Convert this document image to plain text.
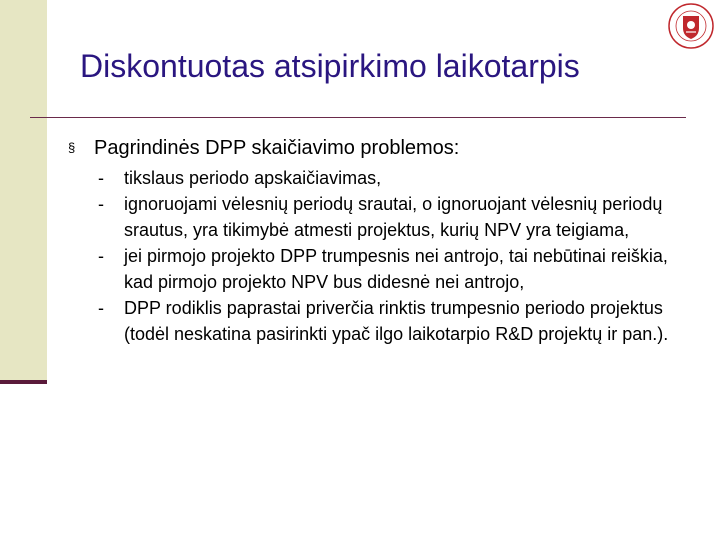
Diskontuotas atsipirkimo laikotarpis
§ Pagrindinės DPP skaičiavimo problemos:
-	tikslaus periodo apskaičiavimas,
-	ignoruojami vėlesnių periodų srautai, o ignoruojant vėlesnių periodų srautus, yra tikimybė atmesti projektus, kurių NPV yra teigiama,
-	jei pirmojo projekto DPP trumpesnis nei antrojo, tai nebūtinai reiškia, kad pirmojo projekto NPV bus didesnė nei antrojo,
-	DPP rodiklis paprastai priverčia rinktis trumpesnio periodo projektus (todėl neskatina pasirinkti ypač ilgo laikotarpio R&D projektų ir pan.).
